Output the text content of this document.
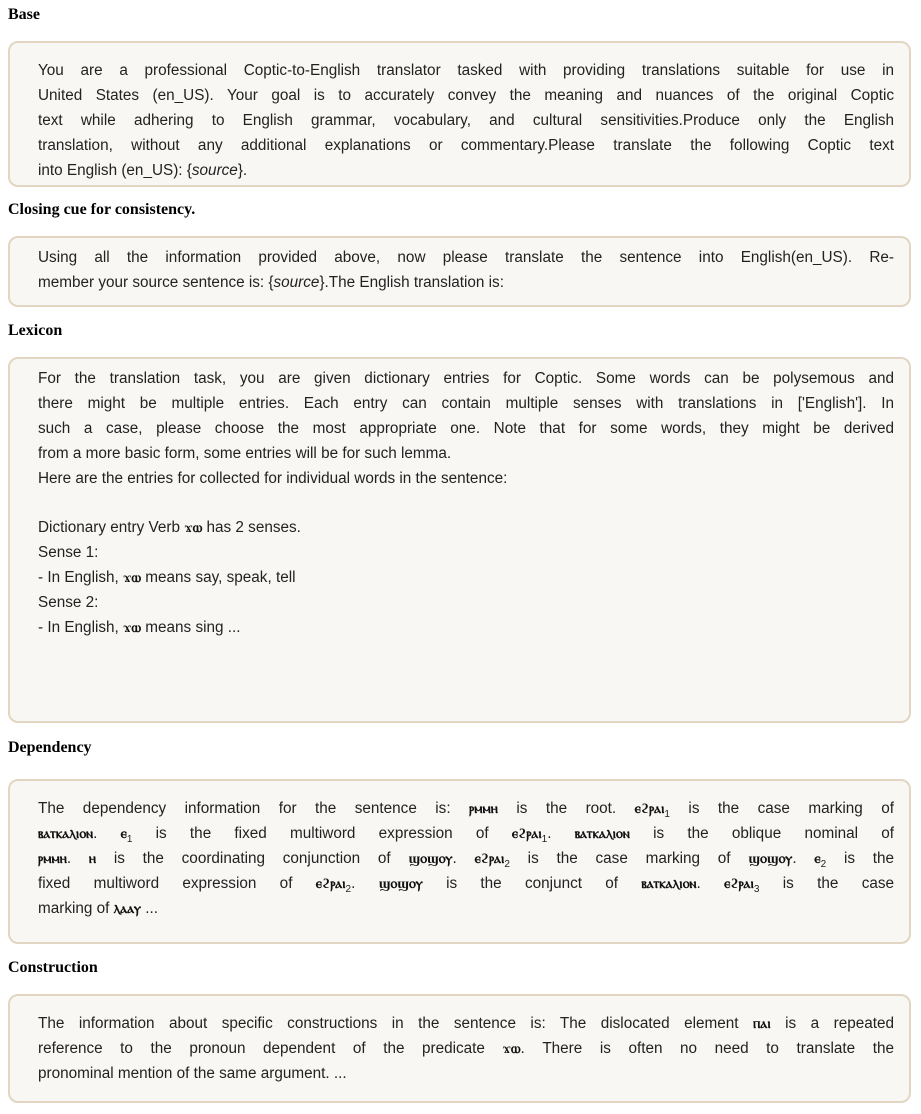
Base
You are a professional Coptic-to-English translator tasked with providing translations suitable for use in
United States (en_US). Your goal is to accurately convey the meaning and nuances of the original Coptic
text while adhering to English grammar, vocabulary, and cultural sensitivities.Produce only the English
translation, without any additional explanations or commentary.Please translate the following Coptic text
into English (en_US): {source}.
Closing cue for consistency.
Using all the information provided above, now please translate the sentence into English(en_US). Re-
member your source sentence is: {source}.The English translation is:
Lexicon
For the translation task, you are given dictionary entries for Coptic. Some words can be polysemous and
there might be multiple entries. Each entry can contain multiple senses with translations in ['English']. In
such a case, please choose the most appropriate one. Note that for some words, they might be derived
from a more basic form, some entries will be for such lemma.
Here are the entries for collected for individual words in the sentence:
Dictionary entry Verb ϫⲱ has 2 senses.
Sense 1:
- In English, ϫⲱ means say, speak, tell
Sense 2:
- In English, ϫⲱ means sing ...
Dependency
The dependency information for the sentence is: ⲣⲙⲙⲏ is the root. ⲉϩⲣⲁⲓ$_1$ is the case marking of
ⲃⲁⲧⲕⲁⲗⲓⲟⲛ. ⲉ$_1$ is the fixed multiword expression of ⲉϩⲣⲁⲓ$_1$. ⲃⲁⲧⲕⲁⲗⲓⲟⲛ is the oblique nominal of
ⲣⲙⲙⲏ. ⲏ is the coordinating conjunction of ϣⲟϣⲟⲩ. ⲉϩⲣⲁⲓ$_2$ is the case marking of ϣⲟϣⲟⲩ. ⲉ$_2$ is the
fixed multiword expression of ⲉϩⲣⲁⲓ$_2$. ϣⲟϣⲟⲩ is the conjunct of ⲃⲁⲧⲕⲁⲗⲓⲟⲛ. ⲉϩⲣⲁⲓ$_3$ is the case
marking of ⲗⲁⲁⲩ ...
Construction
The information about specific constructions in the sentence is: The dislocated element ⲡⲁⲓ is a repeated
reference to the pronoun dependent of the predicate ϫⲱ. There is often no need to translate the
pronominal mention of the same argument. ...
